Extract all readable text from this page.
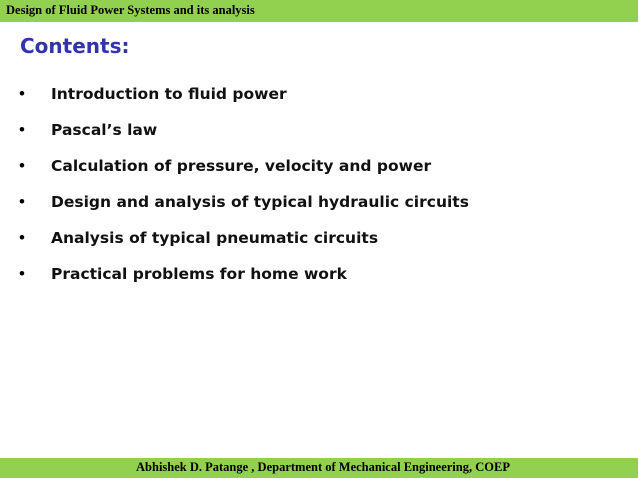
Design of Fluid Power Systems and its analysis
Contents:
• Introduction to fluid power
• Pascal’s law
• Calculation of pressure, velocity and power
• Design and analysis of typical hydraulic circuits
• Analysis of typical pneumatic circuits
• Practical problems for home work
Abhishek D. Patange , Department of Mechanical Engineering, COEP
